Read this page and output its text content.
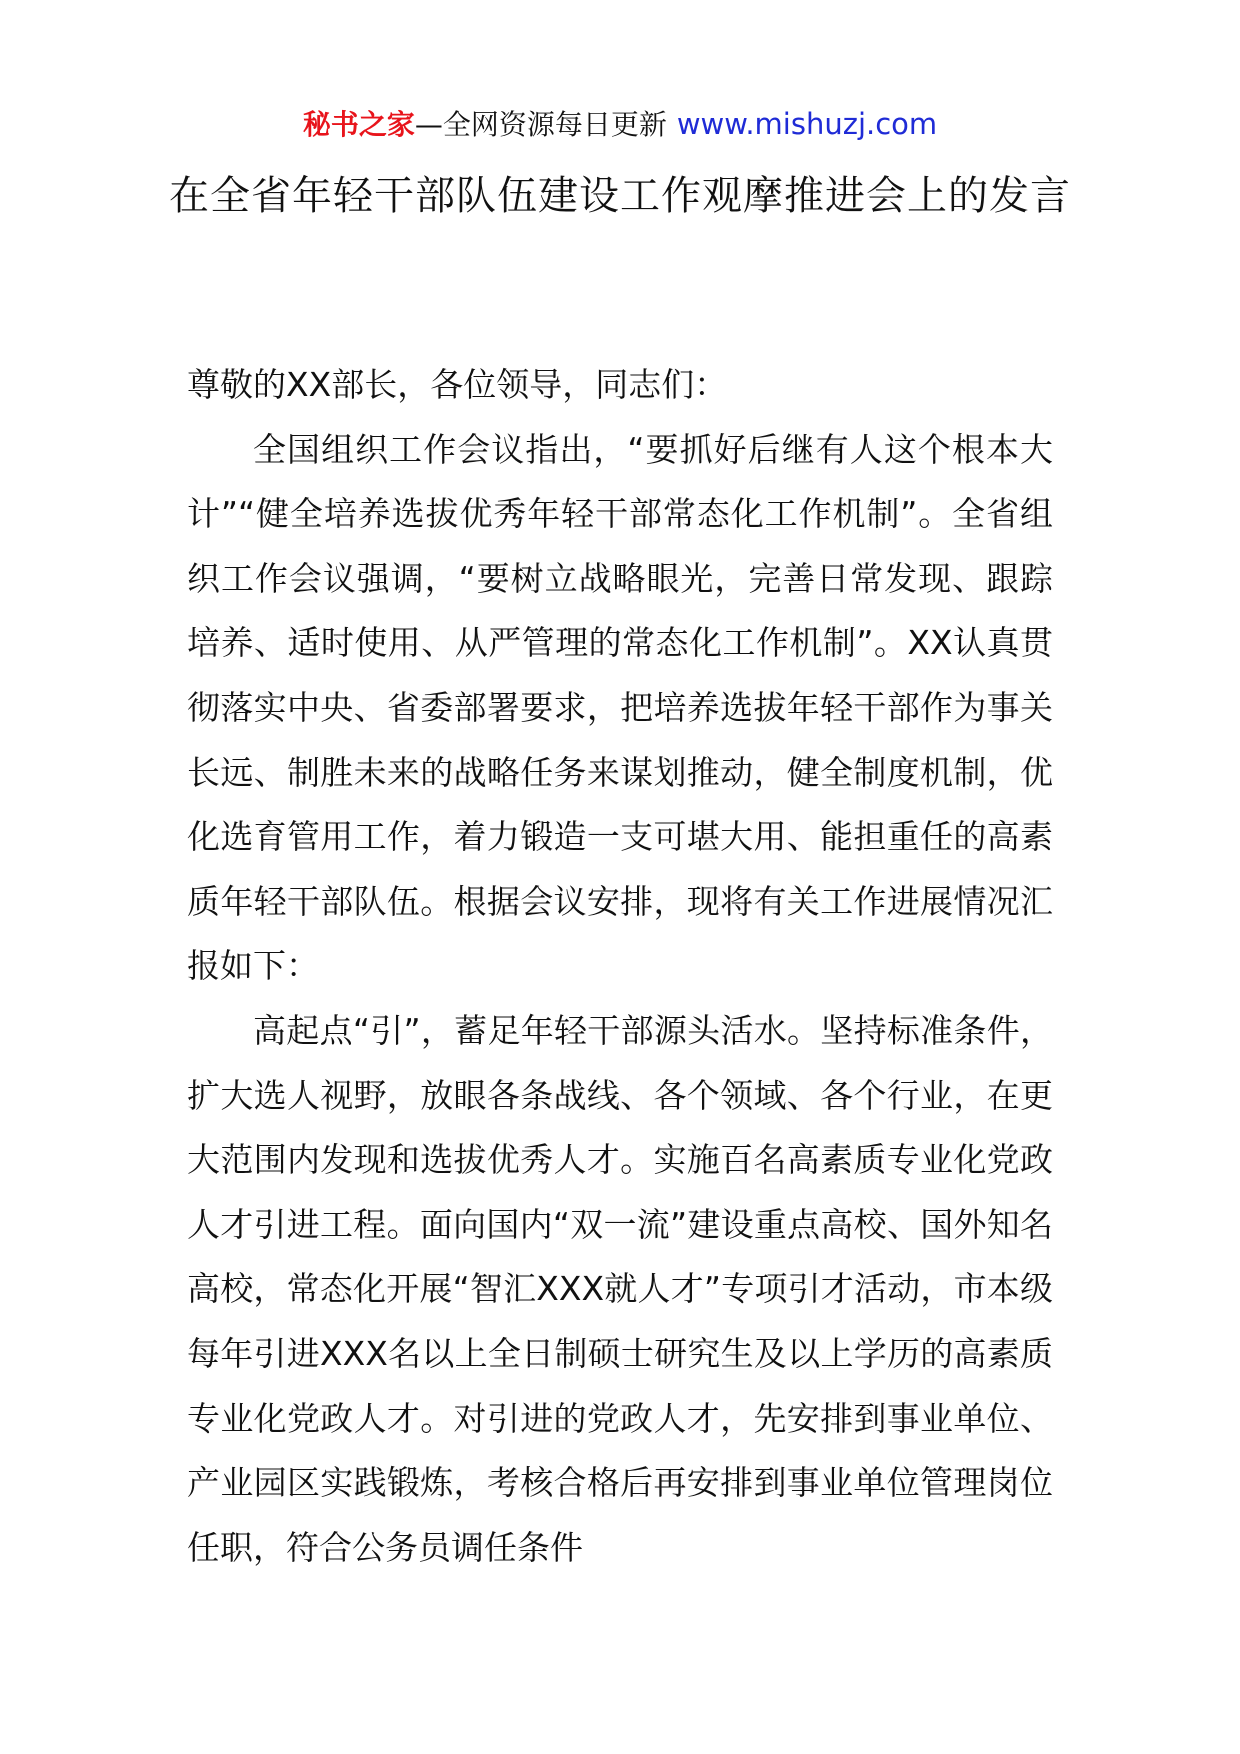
秘书之家—全网资源每日更新 www.mishuzj.com
在全省年轻干部队伍建设工作观摩推进会上的发言

尊敬的XX部长，各位领导，同志们：

全国组织工作会议指出，“要抓好后继有人这个根本大计”“健全培养选拔优秀年轻干部常态化工作机制”。全省组织工作会议强调，“要树立战略眼光，完善日常发现、跟踪培养、适时使用、从严管理的常态化工作机制”。XX认真贯彻落实中央、省委部署要求，把培养选拔年轻干部作为事关长远、制胜未来的战略任务来谋划推动，健全制度机制，优化选育管用工作，着力锻造一支可堪大用、能担重任的高素质年轻干部队伍。根据会议安排，现将有关工作进展情况汇报如下：

高起点“引”，蓄足年轻干部源头活水。坚持标准条件，扩大选人视野，放眼各条战线、各个领域、各个行业，在更大范围内发现和选拔优秀人才。实施百名高素质专业化党政人才引进工程。面向国内“双一流”建设重点高校、国外知名高校，常态化开展“智汇XXX就人才”专项引才活动，市本级每年引进XXX名以上全日制硕士研究生及以上学历的高素质专业化党政人才。对引进的党政人才，先安排到事业单位、产业园区实践锻炼，考核合格后再安排到事业单位管理岗位任职，符合公务员调任条件
